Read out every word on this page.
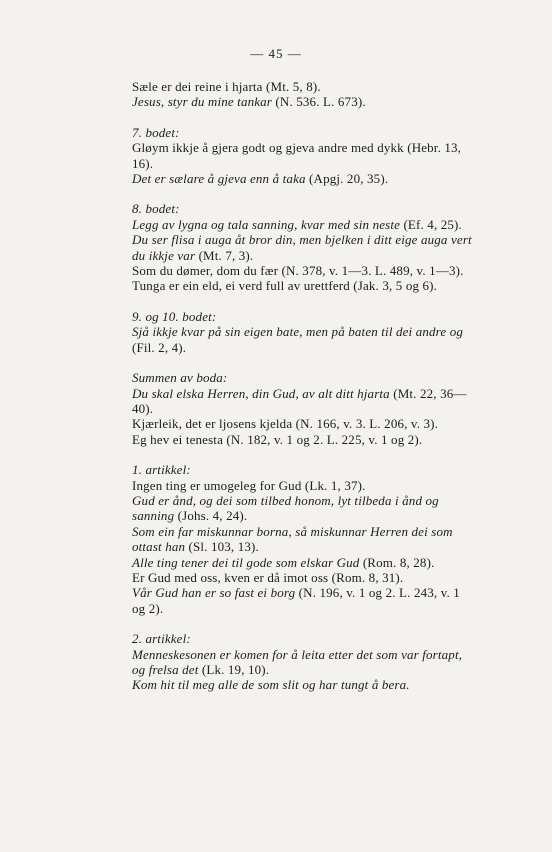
— 45 —

Sæle er dei reine i hjarta (Mt. 5, 8).

Jesus, styr du mine tankar (N. 536. L. 673).

7. bodet:

Gløym ikkje å gjera godt og gjeva andre med dykk (Hebr. 13, 16).

Det er sælare å gjeva enn å taka (Apgj. 20, 35).

8. bodet:

Legg av lygna og tala sanning, kvar med sin neste (Ef. 4, 25).

Du ser flisa i auga åt bror din, men bjelken i ditt eige auga vert du ikkje var (Mt. 7, 3).

Som du dømer, dom du fær (N. 378, v. 1—3. L. 489, v. 1—3).

Tunga er ein eld, ei verd full av urettferd (Jak. 3, 5 og 6).

9. og 10. bodet:

Sjå ikkje kvar på sin eigen bate, men på baten til dei andre og (Fil. 2, 4).

Summen av boda:

Du skal elska Herren, din Gud, av alt ditt hjarta (Mt. 22, 36—40).

Kjærleik, det er ljosens kjelda (N. 166, v. 3. L. 206, v. 3).

Eg hev ei tenesta (N. 182, v. 1 og 2. L. 225, v. 1 og 2).

1. artikkel:

Ingen ting er umogeleg for Gud (Lk. 1, 37).

Gud er ånd, og dei som tilbed honom, lyt tilbeda i ånd og sanning (Johs. 4, 24).

Som ein far miskunnar borna, så miskunnar Herren dei som ottast han (Sl. 103, 13).

Alle ting tener dei til gode som elskar Gud (Rom. 8, 28).

Er Gud med oss, kven er då imot oss (Rom. 8, 31).

Vår Gud han er so fast ei borg (N. 196, v. 1 og 2. L. 243, v. 1 og 2).

2. artikkel:

Menneskesonen er komen for å leita etter det som var fortapt, og frelsa det (Lk. 19, 10).

Kom hit til meg alle de som slit og har tungt å bera.
